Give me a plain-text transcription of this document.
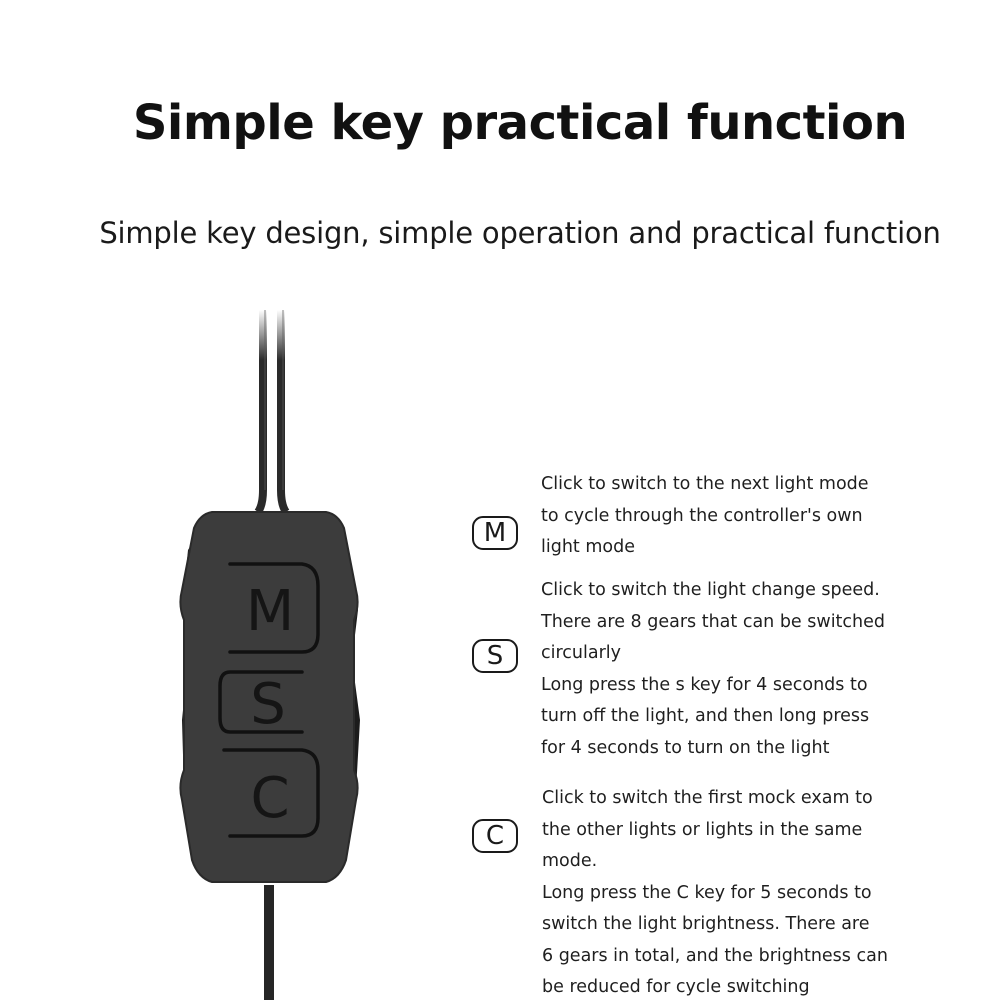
Simple key practical function

Simple key design, simple operation and practical function

M
S
C
M
Click to switch to the next light mode
to cycle through the controller's own
light mode
S
Click to switch the light change speed.
There are 8 gears that can be switched
circularly
Long press the s key for 4 seconds to
turn off the light, and then long press
for 4 seconds to turn on the light
C
Click to switch the first mock exam to
the other lights or lights in the same
mode.
Long press the C key for 5 seconds to
switch the light brightness. There are
6 gears in total, and the brightness can
be reduced for cycle switching
